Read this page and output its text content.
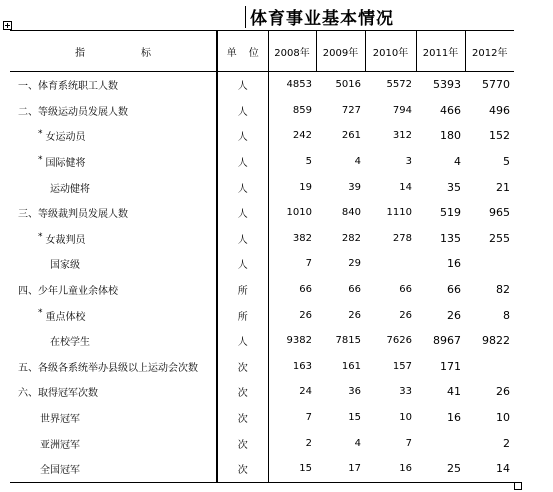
体育事业基本情况
指 标	单 位	2008年	2009年	2010年	2011年	2012年
一、体育系统职工人数	人	4853	5016	5572	5393	5770
二、等级运动员发展人数	人	859	727	794	466	496
* 女运动员	人	242	261	312	180	152
* 国际健将	人	5	4	3	4	5
运动健将	人	19	39	14	35	21
三、等级裁判员发展人数	人	1010	840	1110	519	965
* 女裁判员	人	382	282	278	135	255
国家级	人	7	29		16	
四、少年儿童业余体校	所	66	66	66	66	82
* 重点体校	所	26	26	26	26	8
在校学生	人	9382	7815	7626	8967	9822
五、各级各系统举办县级以上运动会次数	次	163	161	157	171	
六、取得冠军次数	次	24	36	33	41	26
世界冠军	次	7	15	10	16	10
亚洲冠军	次	2	4	7		2
全国冠军	次	15	17	16	25	14
